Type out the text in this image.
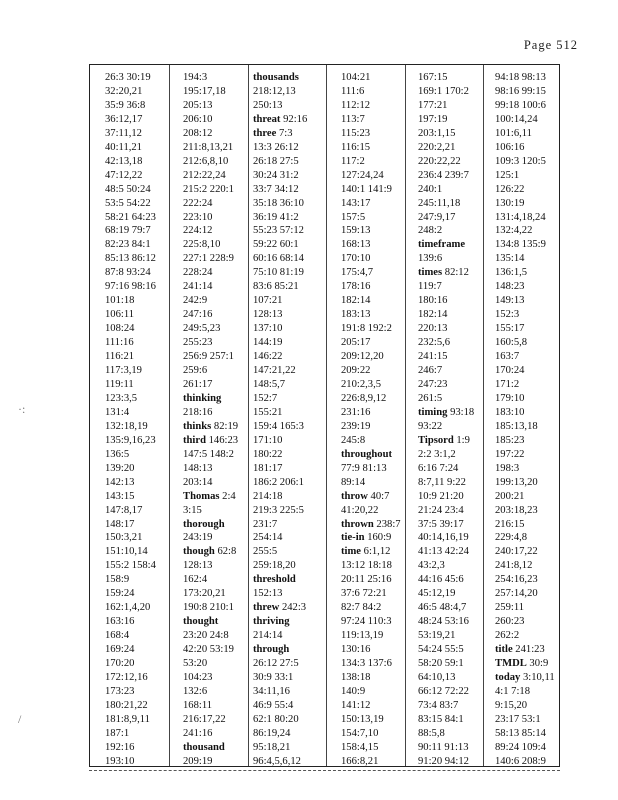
Page 512
·:
/
26:3 30:19
32:20,21
35:9 36:8
36:12,17
37:11,12
40:11,21
42:13,18
47:12,22
48:5 50:24
53:5 54:22
58:21 64:23
68:19 79:7
82:23 84:1
85:13 86:12
87:8 93:24
97:16 98:16
101:18
106:11
108:24
111:16
116:21
117:3,19
119:11
123:3,5
131:4
132:18,19
135:9,16,23
136:5
139:20
142:13
143:15
147:8,17
148:17
150:3,21
151:10,14
155:2 158:4
158:9
159:24
162:1,4,20
163:16
168:4
169:24
170:20
172:12,16
173:23
180:21,22
181:8,9,11
187:1
192:16
193:10
194:3
195:17,18
205:13
206:10
208:12
211:8,13,21
212:6,8,10
212:22,24
215:2 220:1
222:24
223:10
224:12
225:8,10
227:1 228:9
228:24
241:14
242:9
247:16
249:5,23
255:23
256:9 257:1
259:6
261:17
thinking
218:16
thinks 82:19
third 146:23
147:5 148:2
148:13
203:14
Thomas 2:4
3:15
thorough
243:19
though 62:8
128:13
162:4
173:20,21
190:8 210:1
thought
23:20 24:8
42:20 53:19
53:20
104:23
132:6
168:11
216:17,22
241:16
thousand
209:19
thousands
218:12,13
250:13
threat 92:16
three 7:3
13:3 26:12
26:18 27:5
30:24 31:2
33:7 34:12
35:18 36:10
36:19 41:2
55:23 57:12
59:22 60:1
60:16 68:14
75:10 81:19
83:6 85:21
107:21
128:13
137:10
144:19
146:22
147:21,22
148:5,7
152:7
155:21
159:4 165:3
171:10
180:22
181:17
186:2 206:1
214:18
219:3 225:5
231:7
254:14
255:5
259:18,20
threshold
152:13
threw 242:3
thriving
214:14
through
26:12 27:5
30:9 33:1
34:11,16
46:9 55:4
62:1 80:20
86:19,24
95:18,21
96:4,5,6,12
104:21
111:6
112:12
113:7
115:23
116:15
117:2
127:24,24
140:1 141:9
143:17
157:5
159:13
168:13
170:10
175:4,7
178:16
182:14
183:13
191:8 192:2
205:17
209:12,20
209:22
210:2,3,5
226:8,9,12
231:16
239:19
245:8
throughout
77:9 81:13
89:14
throw 40:7
41:20,22
thrown 238:7
tie-in 160:9
time 6:1,12
13:12 18:18
20:11 25:16
37:6 72:21
82:7 84:2
97:24 110:3
119:13,19
130:16
134:3 137:6
138:18
140:9
141:12
150:13,19
154:7,10
158:4,15
166:8,21
167:15
169:1 170:2
177:21
197:19
203:1,15
220:2,21
220:22,22
236:4 239:7
240:1
245:11,18
247:9,17
248:2
timeframe
139:6
times 82:12
119:7
180:16
182:14
220:13
232:5,6
241:15
246:7
247:23
261:5
timing 93:18
93:22
Tipsord 1:9
2:2 3:1,2
6:16 7:24
8:7,11 9:22
10:9 21:20
21:24 23:4
37:5 39:17
40:14,16,19
41:13 42:24
43:2,3
44:16 45:6
45:12,19
46:5 48:4,7
48:24 53:16
53:19,21
54:24 55:5
58:20 59:1
64:10,13
66:12 72:22
73:4 83:7
83:15 84:1
88:5,8
90:11 91:13
91:20 94:12
94:18 98:13
98:16 99:15
99:18 100:6
100:14,24
101:6,11
106:16
109:3 120:5
125:1
126:22
130:19
131:4,18,24
132:4,22
134:8 135:9
135:14
136:1,5
148:23
149:13
152:3
155:17
160:5,8
163:7
170:24
171:2
179:10
183:10
185:13,18
185:23
197:22
198:3
199:13,20
200:21
203:18,23
216:15
229:4,8
240:17,22
241:8,12
254:16,23
257:14,20
259:11
260:23
262:2
title 241:23
TMDL 30:9
today 3:10,11
4:1 7:18
9:15,20
23:17 53:1
58:13 85:14
89:24 109:4
140:6 208:9
